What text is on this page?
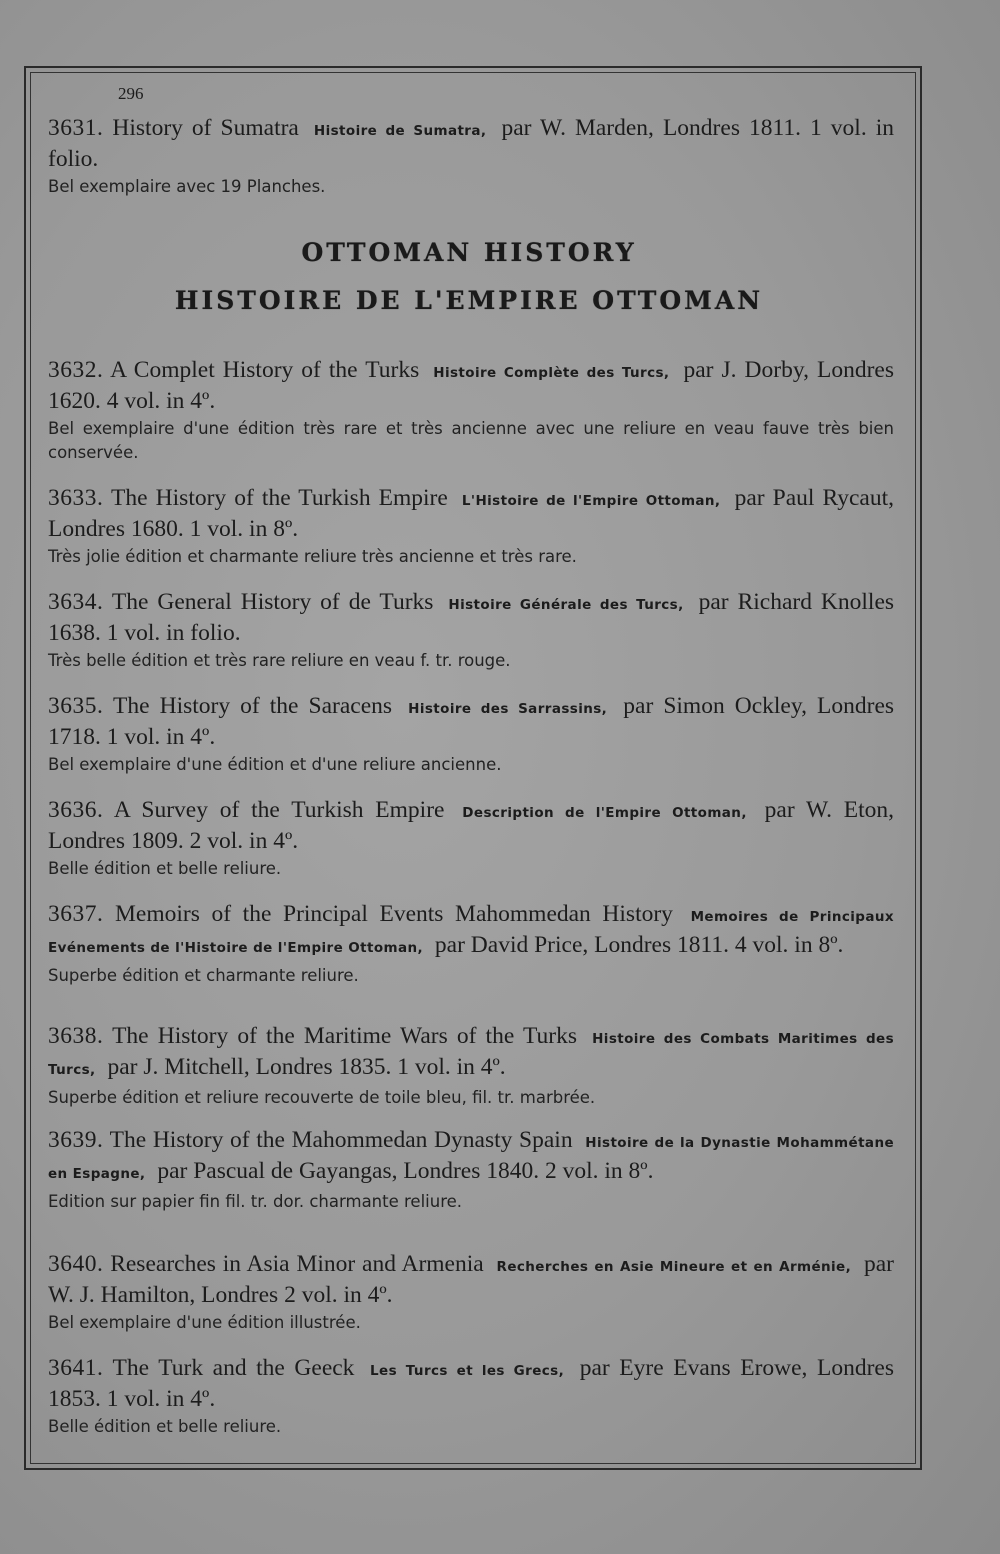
296
3631. History of Sumatra Histoire de Sumatra, par W. Marden, Londres 1811. 1 vol. in folio.
Bel exemplaire avec 19 Planches.
OTTOMAN HISTORY
HISTOIRE DE L'EMPIRE OTTOMAN
3632. A Complet History of the Turks Histoire Complète des Turcs, par J. Dorby, Londres 1620. 4 vol. in 4º.
Bel exemplaire d'une édition très rare et très ancienne avec une reliure en veau fauve très bien conservée.
3633. The History of the Turkish Empire L'Histoire de l'Empire Ottoman, par Paul Rycaut, Londres 1680. 1 vol. in 8º.
Très jolie édition et charmante reliure très ancienne et très rare.
3634. The General History of de Turks Histoire Générale des Turcs, par Richard Knolles 1638. 1 vol. in folio.
Très belle édition et très rare reliure en veau f. tr. rouge.
3635. The History of the Saracens Histoire des Sarrassins, par Simon Ockley, Londres 1718. 1 vol. in 4º.
Bel exemplaire d'une édition et d'une reliure ancienne.
3636. A Survey of the Turkish Empire Description de l'Empire Ottoman, par W. Eton, Londres 1809. 2 vol. in 4º.
Belle édition et belle reliure.
3637. Memoirs of the Principal Events Mahommedan History Memoires de Principaux Evénements de l'Histoire de l'Empire Ottoman, par David Price, Londres 1811. 4 vol. in 8º.
Superbe édition et charmante reliure.
3638. The History of the Maritime Wars of the Turks Histoire des Combats Maritimes des Turcs, par J. Mitchell, Londres 1835. 1 vol. in 4º.
Superbe édition et reliure recouverte de toile bleu, fil. tr. marbrée.
3639. The History of the Mahommedan Dynasty Spain Histoire de la Dynastie Mohammétane en Espagne, par Pascual de Gayangas, Londres 1840. 2 vol. in 8º.
Edition sur papier fin fil. tr. dor. charmante reliure.
3640. Researches in Asia Minor and Armenia Recherches en Asie Mineure et en Arménie, par W. J. Hamilton, Londres 2 vol. in 4º.
Bel exemplaire d'une édition illustrée.
3641. The Turk and the Geeck Les Turcs et les Grecs, par Eyre Evans Erowe, Londres 1853. 1 vol. in 4º.
Belle édition et belle reliure.
